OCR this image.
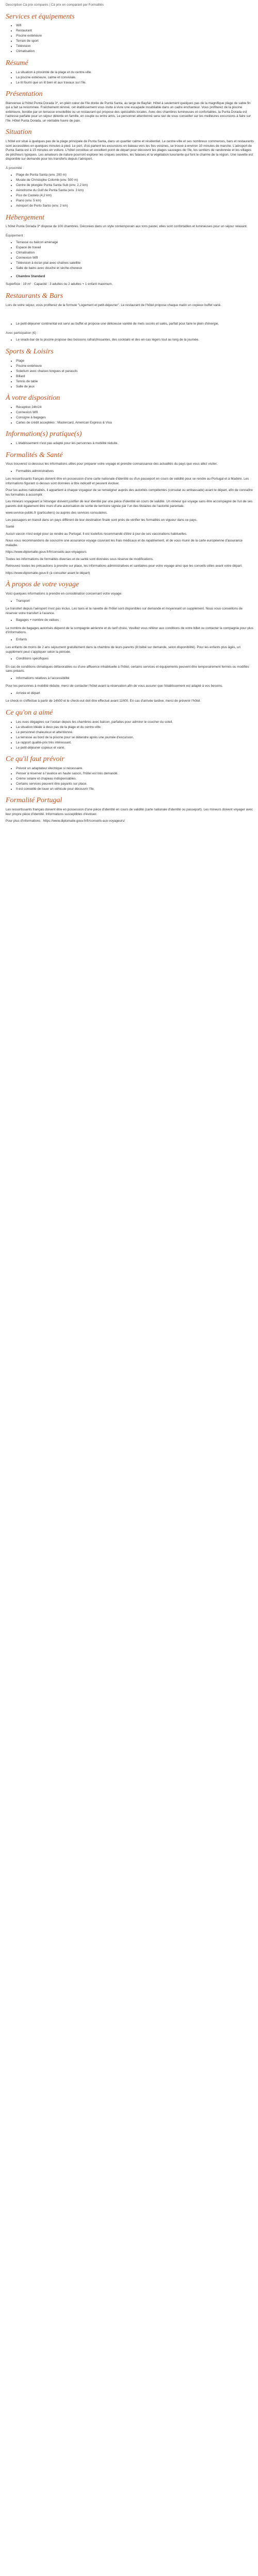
Description Cà prix comparés | Cà prix en comparant par Formalités

Services et équipements
• Wifi
• Restaurant
• Piscine extérieure
• Terrain de sport
• Télévision
• Climatisation
Résumé
• La situation à proximité de la plage et du centre-ville.
• La piscine extérieure, calme et conviviale.
• Le lit fourni que un lit bien et aux travaux sur l'île.
Présentation

Bienvenue à l'hôtel Punta Dorada 3*, en plein cœur de l'île dorée de Punta Santa, au large de Bayfair. Hôtel à seulement quelques pas de la magnifique plage de sable fin qui a fait sa renommée. Fraîchement rénové, cet établissement vous invite à vivre une escapade inoubliable dans un cadre enchanteur. Vous profiterez de la piscine extérieure, bordée par un terrasse ensoleillée ou un restaurant qui propose des spécialités locales. Avec des chambres lumineuses et confortables, la Punta Dorada est l'adresse parfaite pour un séjour détente en famille, en couple ou entre amis. Le personnel attentionné sera ravi de vous conseiller sur les meilleures excursions à faire sur l'île. Hôtel Punta Dorada, un véritable havre de paix.

Situation

L'hôtel est situé à quelques pas de la plage principale de Punta Santa, dans un quartier calme et résidentiel. Le centre-ville et ses nombreux commerces, bars et restaurants sont accessibles en quelques minutes à pied. Le port, d'où partent les excursions en bateau vers les îles voisines, se trouve à environ 10 minutes de marche. L'aéroport de Punta Santa est à 15 minutes en voiture. L'hôtel constitue un excellent point de départ pour découvrir les plages sauvages de l'île, les sentiers de randonnée et les villages de pêcheurs typiques. Les amateurs de nature pourront explorer les criques secrètes, les falaises et la végétation luxuriante qui font le charme de la région. Une navette est disponible sur demande pour les transferts depuis l'aéroport.

À proximité :

• Plage de Punta Santa (env. 200 m)
• Musée de Christophe Colomb (env. 500 m)
• Centre de plongée Punta Santa Sub (env. 2,2 km)
• Aérodrome du Golf de Punta Santa (env. 3 km)
• Pico de Castelo (4,2 km)
• Piano (env. 5 km)
• Aéroport de Porto Santo (env. 2 km)
Hébergement

L'hôtel Punta Dorada 3* dispose de 100 chambres. Décorées dans un style contemporain aux tons pastel, elles sont confortables et lumineuses pour un séjour relaxant.

Équipement :

• Terrasse ou balcon aménagé
• Espace de travail
• Climatisation
• Connexion Wifi
• Télévision à écran plat avec chaînes satellite
• Salle de bains avec douche et sèche-cheveux
• Chambre Standard

Superficie : 19 m² · Capacité : 3 adultes ou 2 adultes + 1 enfant maximum.

Restaurants & Bars

Lors de votre séjour, vous profiterez de la formule "Logement et petit-déjeuner". Le restaurant de l'hôtel propose chaque matin un copieux buffet varié.

• Le petit-déjeuner continental est servi au buffet et propose une délicieuse variété de mets sucrés et salés, parfait pour faire le plein d'énergie.

Avec participation (€) :

• Le snack-bar de la piscine propose des boissons rafraîchissantes, des cocktails et des en-cas légers tout au long de la journée.
Sports & Loisirs
• Plage
• Piscine extérieure
• Solarium avec chaises longues et parasols
• Billard
• Tennis de table
• Salle de jeux
À votre disposition
• Réception 24h/24
• Connexion Wifi
• Consigne à bagages
• Cartes de crédit acceptées : Mastercard, American Express & Visa
Information(s) pratique(s)
• L'établissement n'est pas adapté pour les personnes à mobilité réduite.
Formalités & Santé

Vous trouverez ci-dessous les informations utiles pour préparer votre voyage et prendre connaissance des actualités du pays que vous allez visiter.

• Formalités administratives

Les ressortissants français doivent être en possession d'une carte nationale d'identité ou d'un passeport en cours de validité pour se rendre au Portugal et à Madère. Les informations figurant ci-dessus sont données à titre indicatif et peuvent évoluer.

Pour les autres nationalités, il appartient à chaque voyageur de se renseigner auprès des autorités compétentes (consulat ou ambassade) avant le départ, afin de connaître les formalités à accomplir.

Les mineurs voyageant à l'étranger doivent justifier de leur identité par une pièce d'identité en cours de validité. Un mineur qui voyage sans être accompagné de l'un de ses parents doit également être muni d'une autorisation de sortie de territoire signée par l'un des titulaires de l'autorité parentale.

www.service-public.fr (particuliers) ou auprès des services consulaires.

Les passagers en transit dans un pays différent de leur destination finale sont priés de vérifier les formalités en vigueur dans ce pays.

Santé

Aucun vaccin n'est exigé pour se rendre au Portugal. Il est toutefois recommandé d'être à jour de ses vaccinations habituelles.

Nous vous recommandons de souscrire une assurance voyage couvrant les frais médicaux et de rapatriement, et de vous munir de la carte européenne d'assurance maladie.

https://www.diplomatie.gouv.fr/fr/conseils-aux-voyageurs

Toutes les informations de formalités diverses et de santé sont données sous réserve de modifications.

Retrouvez toutes les précautions à prendre sur place, les informations administratives et sanitaires pour votre voyage ainsi que les conseils utiles avant votre départ.

https://www.diplomatie.gouv.fr (à consulter avant le départ)

À propos de votre voyage

Voici quelques informations à prendre en considération concernant votre voyage.

• Transport

Le transfert depuis l'aéroport n'est pas inclus. Les taxis et la navette de l'hôtel sont disponibles sur demande et moyennant un supplément. Nous vous conseillons de réserver votre transfert à l'avance.

• Bagages + nombre de valises :

Le nombre de bagages autorisés dépend de la compagnie aérienne et du tarif choisi. Veuillez vous référer aux conditions de votre billet ou contacter la compagnie pour plus d'informations.

• Enfants

Les enfants de moins de 2 ans séjournent gratuitement dans la chambre de leurs parents (lit bébé sur demande, selon disponibilité). Pour les enfants plus âgés, un supplément peut s'appliquer selon la période.

• Conditions spécifiques

En cas de conditions climatiques défavorables ou d'une affluence inhabituelle à l'hôtel, certains services et équipements peuvent être temporairement fermés ou modifiés sans préavis.

• Informations relatives à l'accessibilité

Pour les personnes à mobilité réduite, merci de contacter l'hôtel avant la réservation afin de vous assurer que l'établissement est adapté à vos besoins.

• Arrivée et départ

Le check-in s'effectue à partir de 14h00 et le check-out doit être effectué avant 11h00. En cas d'arrivée tardive, merci de prévenir l'hôtel.

Ce qu'on a aimé
• Les vues dégagées sur l'océan depuis les chambres avec balcon, parfaites pour admirer le coucher du soleil.
• La situation idéale à deux pas de la plage et du centre-ville.
• Le personnel chaleureux et attentionné.
• La terrasse au bord de la piscine pour se détendre après une journée d'excursion.
• Le rapport qualité-prix très intéressant.
• Le petit-déjeuner copieux et varié.
Ce qu'il faut prévoir
• Prévoir un adaptateur électrique si nécessaire.
• Penser à réserver à l'avance en haute saison, l'hôtel est très demandé.
• Crème solaire et chapeau indispensables.
• Certains services peuvent être payants sur place.
• Il est conseillé de louer un véhicule pour découvrir l'île.
Formalité Portugal

Les ressortissants français doivent être en possession d'une pièce d'identité en cours de validité (carte nationale d'identité ou passeport). Les mineurs doivent voyager avec leur propre pièce d'identité. Informations susceptibles d'évoluer.

Pour plus d'informations : https://www.diplomatie.gouv.fr/fr/conseils-aux-voyageurs/
